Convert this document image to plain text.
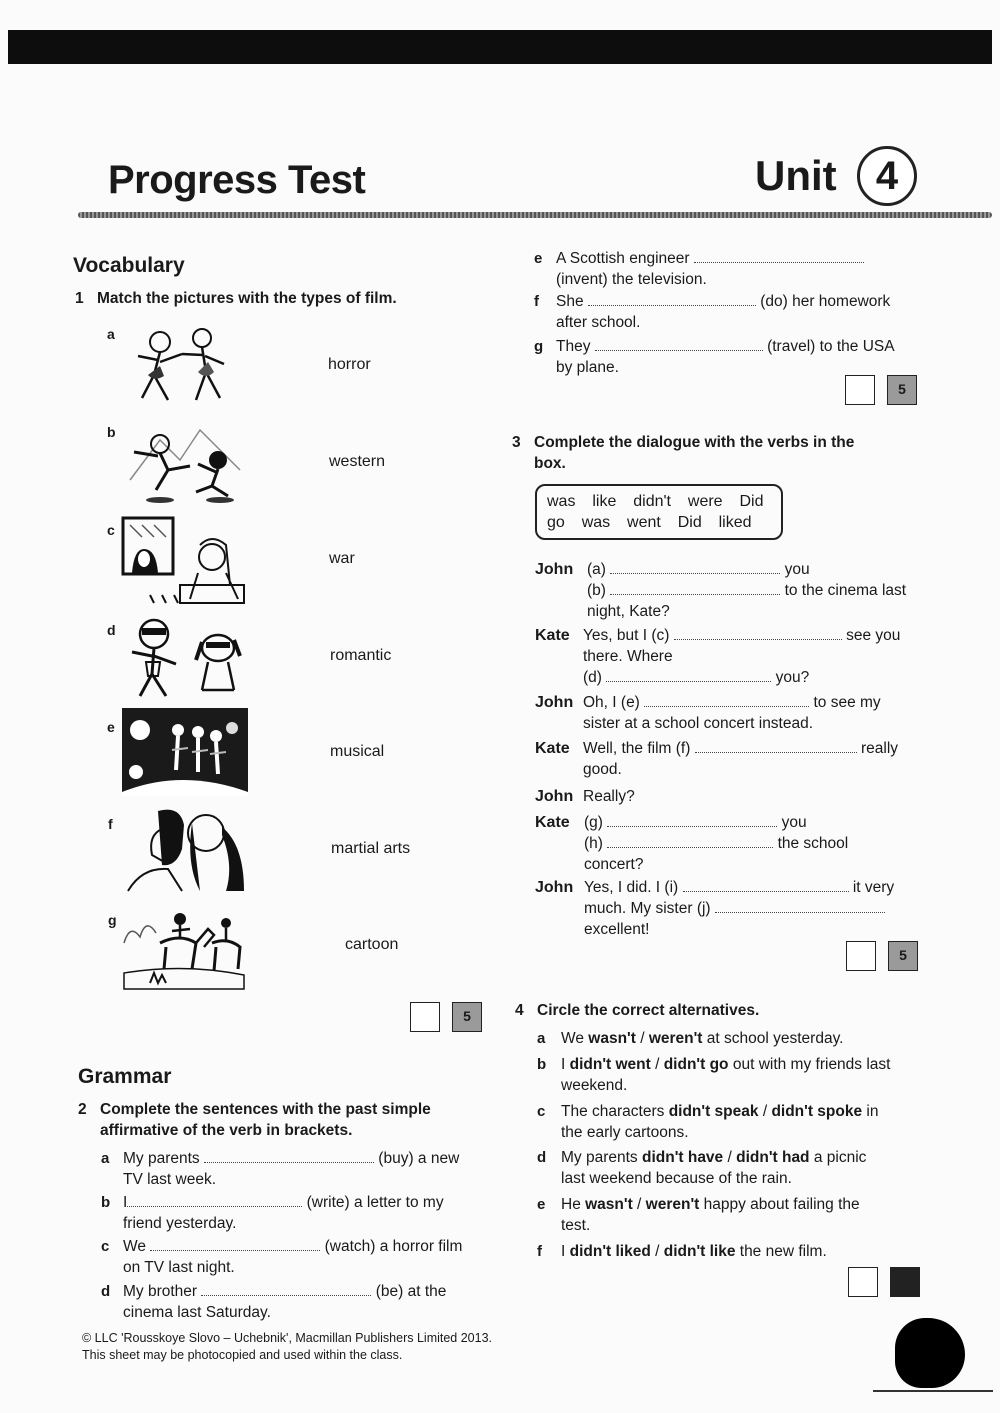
Progress Test	Unit 4
Vocabulary
1 Match the pictures with the types of film.
a
horror
b
western
c
war
d
romantic
e
musical
f
martial arts
g
cartoon
5
Grammar
2 Complete the sentences with the past simple
affirmative of the verb in brackets.
a My parents	(buy) a new
TV last week.
b I	(write) a letter to my
friend yesterday.
c We	(watch) a horror film
on TV last night.
d My brother	(be) at the
cinema last Saturday.
e A Scottish engineer
(invent) the television.
f She	(do) her homework
after school.
g They	(travel) to the USA
by plane.
5
3 Complete the dialogue with the verbs in the
box.
was  like  didn't  were  Did
go  was  went  Did  liked
John (a)	you
(b)	to the cinema last
night, Kate?
Kate Yes, but I (c)	see you
there. Where
(d)	you?
John Oh, I (e)	to see my
sister at a school concert instead.
Kate Well, the film (f)	really
good.
John Really?
Kate (g)	you
(h)	the school
concert?
John Yes, I did. I (i)	it very
much. My sister (j)
excellent!
5
4 Circle the correct alternatives.
a We wasn't / weren't at school yesterday.
b I didn't went / didn't go out with my friends last
weekend.
c The characters didn't speak / didn't spoke in
the early cartoons.
d My parents didn't have / didn't had a picnic
last weekend because of the rain.
e He wasn't / weren't happy about failing the
test.
f I didn't liked / didn't like the new film.
© LLC 'Rousskoye Slovo – Uchebnik', Macmillan Publishers Limited 2013.
This sheet may be photocopied and used within the class.
